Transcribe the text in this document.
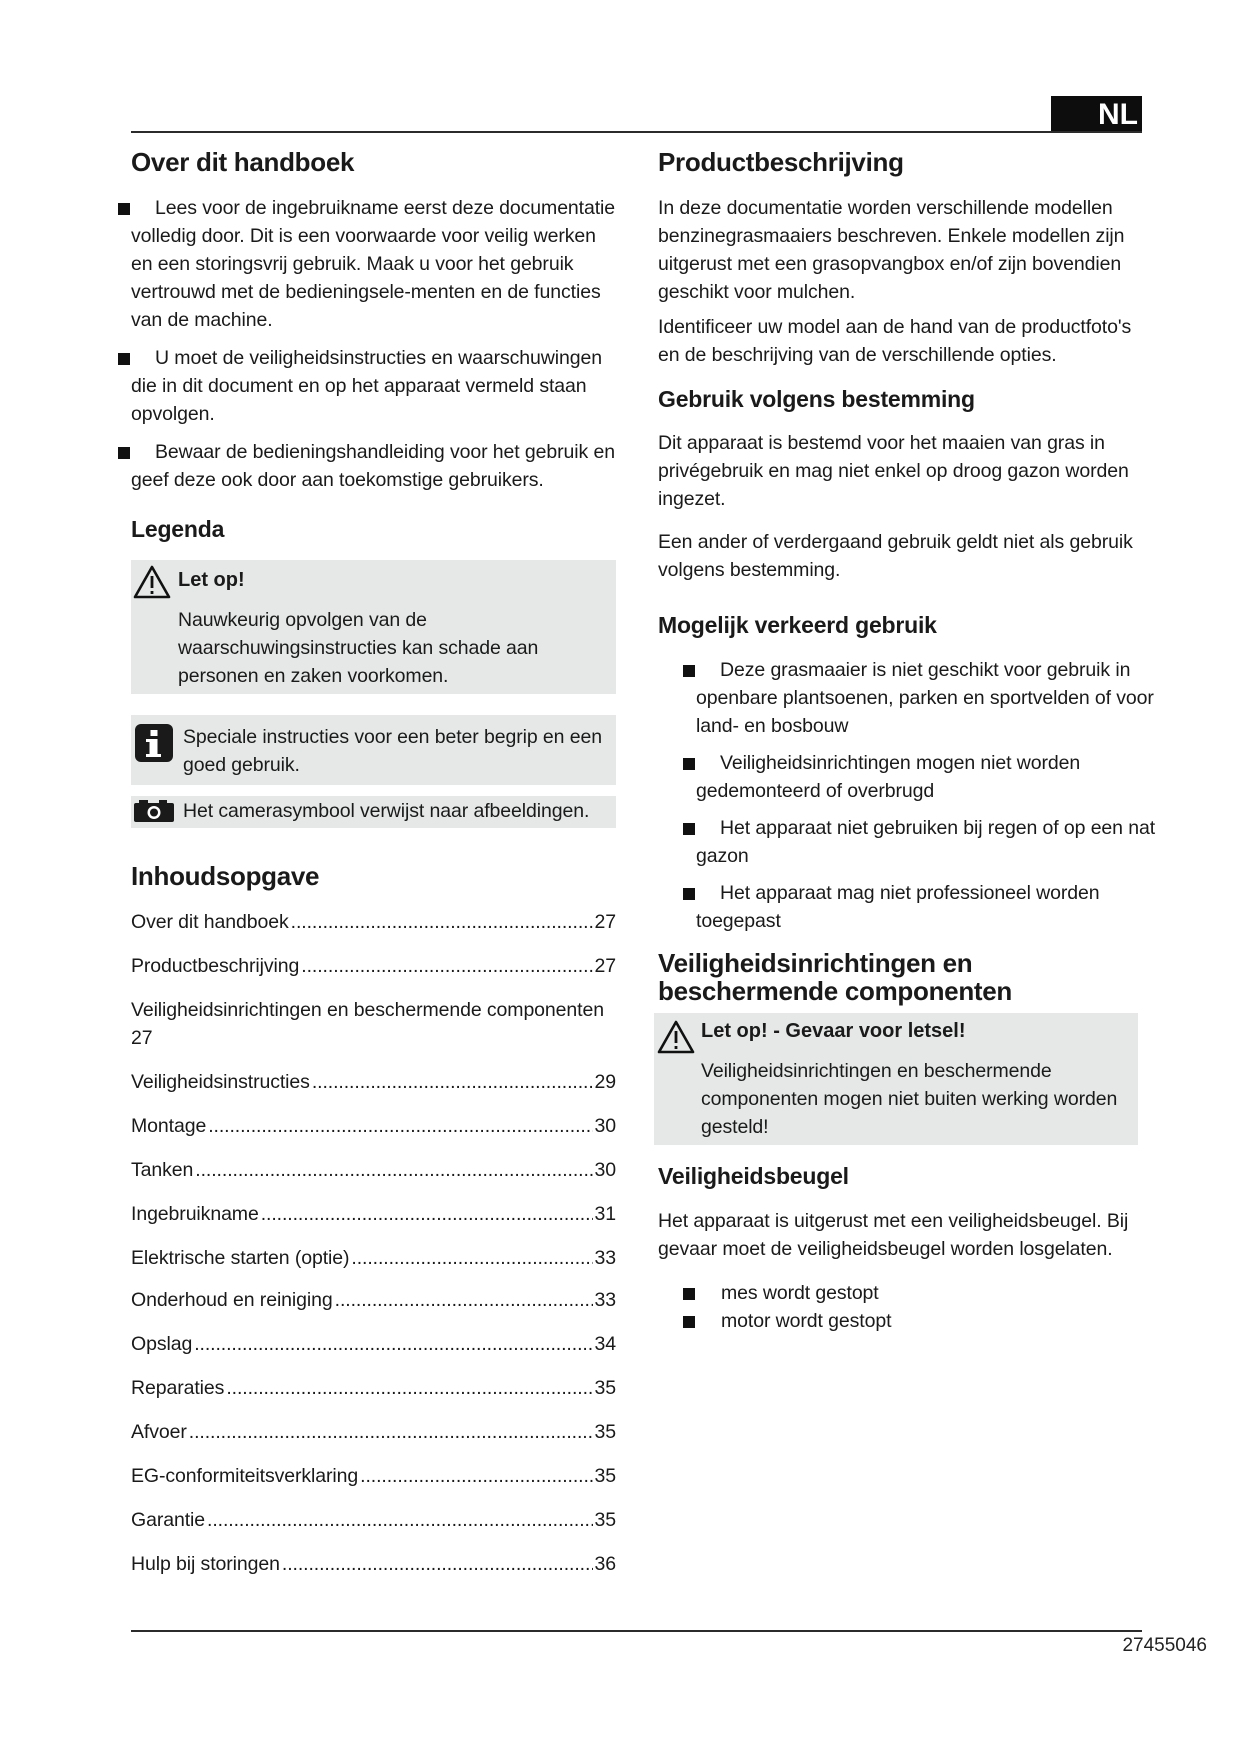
NL
Over dit handboek
Lees voor de ingebruikname eerst deze documentatie volledig door. Dit is een voorwaarde voor veilig werken en een storingsvrij gebruik. Maak u voor het gebruik vertrouwd met de bedieningsele-menten en de functies van de machine.
U moet de veiligheidsinstructies en waarschuwingen die in dit document en op het apparaat vermeld staan opvolgen.
Bewaar de bedieningshandleiding voor het gebruik en geef deze ook door aan toekomstige gebruikers.
Legenda
Let op!
Nauwkeurig opvolgen van de waarschuwingsinstructies kan schade aan personen en zaken voorkomen.
Speciale instructies voor een beter begrip en een goed gebruik.
Het camerasymbool verwijst naar afbeeldingen.
Inhoudsopgave
Over dit handboek .....	27
Productbeschrijving .....	27
Veiligheidsinrichtingen en beschermende componenten
27
Veiligheidsinstructies .....	29
Montage .....	30
Tanken .....	30
Ingebruikname .....	31
Elektrische starten (optie) .....	33
Onderhoud en reiniging .....	33
Opslag .....	34
Reparaties .....	35
Afvoer .....	35
EG-conformiteitsverklaring .....	35
Garantie .....	35
Hulp bij storingen .....	36
Productbeschrijving

In deze documentatie worden verschillende modellen benzinegrasmaaiers beschreven. Enkele modellen zijn uitgerust met een grasopvangbox en/of zijn bovendien geschikt voor mulchen.

Identificeer uw model aan de hand van de productfoto's en de beschrijving van de verschillende opties.

Gebruik volgens bestemming

Dit apparaat is bestemd voor het maaien van gras in privégebruik en mag niet enkel op droog gazon worden ingezet.

Een ander of verdergaand gebruik geldt niet als gebruik volgens bestemming.

Mogelijk verkeerd gebruik
Deze grasmaaier is niet geschikt voor gebruik in openbare plantsoenen, parken en sportvelden of voor land- en bosbouw
Veiligheidsinrichtingen mogen niet worden gedemonteerd of overbrugd
Het apparaat niet gebruiken bij regen of op een nat gazon
Het apparaat mag niet professioneel worden toegepast
Veiligheidsinrichtingen en beschermende componenten
Let op! - Gevaar voor letsel!
Veiligheidsinrichtingen en beschermende componenten mogen niet buiten werking worden gesteld!
Veiligheidsbeugel

Het apparaat is uitgerust met een veiligheidsbeugel. Bij gevaar moet de veiligheidsbeugel worden losgelaten.

mes wordt gestopt
motor wordt gestopt
27455046
